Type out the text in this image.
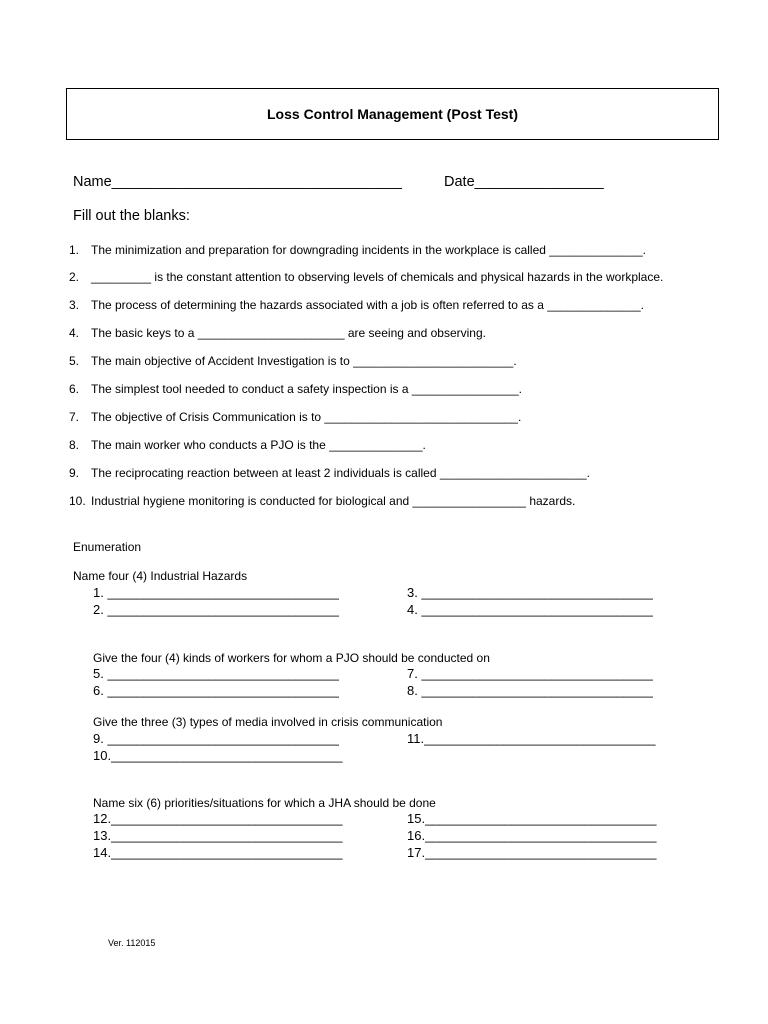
Loss Control Management (Post Test)
Name____________________________________	Date________________
Fill out the blanks:
1. The minimization and preparation for downgrading incidents in the workplace is called ______________.
2. _________ is the constant attention to observing levels of chemicals and physical hazards in the workplace.
3. The process of determining the hazards associated with a job is often referred to as a ______________.
4. The basic keys to a ______________________ are seeing and observing.
5. The main objective of Accident Investigation is to ________________________.
6. The simplest tool needed to conduct a safety inspection is a ________________.
7. The objective of Crisis Communication is to _____________________________.
8. The main worker who conducts a PJO is the ______________.
9. The reciprocating reaction between at least 2 individuals is called ______________________.
10. Industrial hygiene monitoring is conducted for biological and _________________ hazards.
Enumeration
Name four (4) Industrial Hazards
1. ________________________________
2. ________________________________
3. ________________________________
4. ________________________________
Give the four (4) kinds of workers for whom a PJO should be conducted on
5. ________________________________
6. ________________________________
7. ________________________________
8. ________________________________
Give the three (3) types of media involved in crisis communication
9. ________________________________
10.________________________________
11.________________________________
Name six (6) priorities/situations for which a JHA should be done
12.________________________________
13.________________________________
14.________________________________
15.________________________________
16.________________________________
17.________________________________
Ver. 112015
